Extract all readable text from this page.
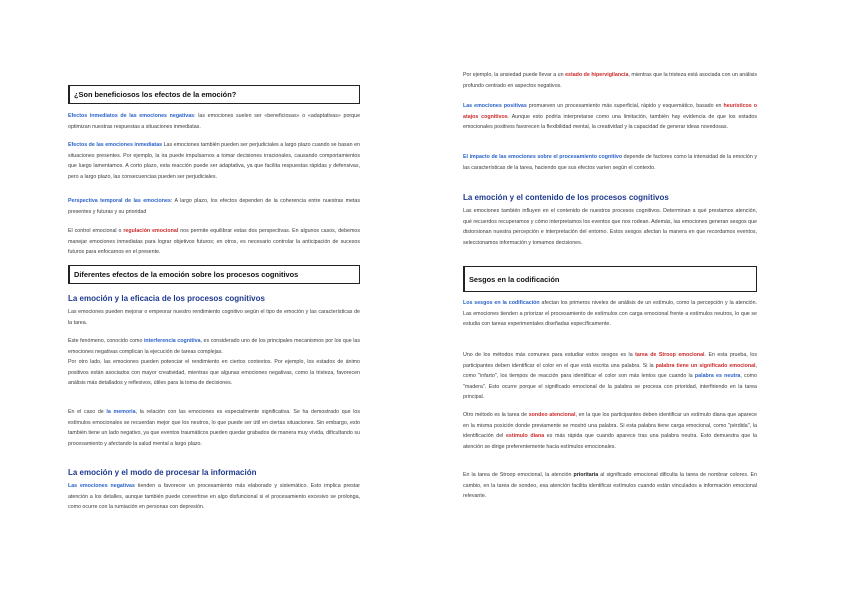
¿Son beneficiosos los efectos de la emoción?

Efectos inmediatos de las emociones negativas: las emociones suelen ser «beneficiosas» o «adaptativas» porque optimizan nuestras respuestas a situaciones inmediatas.

Efectos de las emociones inmediatas Las emociones también pueden ser perjudiciales a largo plazo cuando se basan en situaciones presentes. Por ejemplo, la ira puede impulsarnos a tomar decisiones irracionales, causando comportamientos que luego lamentamos. A corto plazo, esta reacción puede ser adaptativa, ya que facilita respuestas rápidas y defensivas, pero a largo plazo, las consecuencias pueden ser perjudiciales.

Perspectiva temporal de las emociones: A largo plazo, los efectos dependen de la coherencia entre nuestras metas presentes y futuras y su prioridad

El control emocional o regulación emocional nos permite equilibrar estas dos perspectivas. En algunos casos, debemos manejar emociones inmediatas para lograr objetivos futuros; en otros, es necesario controlar la anticipación de sucesos futuros para enfocarnos en el presente.

Diferentes efectos de la emoción sobre los procesos cognitivos
La emoción y la eficacia de los procesos cognitivos

Las emociones pueden mejorar o empeorar nuestro rendimiento cognitivo según el tipo de emoción y las características de la tarea.

Este fenómeno, conocido como interferencia cognitiva, es considerado uno de los principales mecanismos por los que las emociones negativas complican la ejecución de tareas complejas.

Por otro lado, las emociones pueden potenciar el rendimiento en ciertos contextos. Por ejemplo, los estados de ánimo positivos están asociados con mayor creatividad, mientras que algunas emociones negativas, como la tristeza, favorecen análisis más detallados y reflexivos, útiles para la toma de decisiones.

En el caso de la memoria, la relación con las emociones es especialmente significativa. Se ha demostrado que los estímulos emocionales se recuerdan mejor que los neutros, lo que puede ser útil en ciertas situaciones. Sin embargo, esto también tiene un lado negativo, ya que eventos traumáticos pueden quedar grabados de manera muy vívida, dificultando su procesamiento y afectando la salud mental a largo plazo.

La emoción y el modo de procesar la información

Las emociones negativas tienden a favorecer un procesamiento más elaborado y sistemático. Esto implica prestar atención a los detalles, aunque también puede convertirse en algo disfuncional si el procesamiento excesivo se prolonga, como ocurre con la rumiación en personas con depresión.

Por ejemplo, la ansiedad puede llevar a un estado de hipervigilancia, mientras que la tristeza está asociada con un análisis profundo centrado en aspectos negativos.

Las emociones positivas promueven un procesamiento más superficial, rápido y esquemático, basado en heurísticos o atajos cognitivos. Aunque esto podría interpretarse como una limitación, también hay evidencia de que los estados emocionales positivos favorecen la flexibilidad mental, la creatividad y la capacidad de generar ideas novedosas.

El impacto de las emociones sobre el procesamiento cognitivo depende de factores como la intensidad de la emoción y las características de la tarea, haciendo que sus efectos varíen según el contexto.

La emoción y el contenido de los procesos cognitivos

Las emociones también influyen en el contenido de nuestros procesos cognitivos. Determinan a qué prestamos atención, qué recuerdos recuperamos y cómo interpretamos los eventos que nos rodean. Además, las emociones generan sesgos que distorsionan nuestra percepción e interpretación del entorno. Estos sesgos afectan la manera en que recordamos eventos, seleccionamos información y tomamos decisiones.

Sesgos en la codificación

Los sesgos en la codificación afectan los primeros niveles de análisis de un estímulo, como la percepción y la atención. Las emociones tienden a priorizar el procesamiento de estímulos con carga emocional frente a estímulos neutros, lo que se estudia con tareas experimentales diseñadas específicamente.

Uno de los métodos más comunes para estudiar estos sesgos es la tarea de Stroop emocional. En esta prueba, los participantes deben identificar el color en el que está escrita una palabra. Si la palabra tiene un significado emocional, como "infarto", los tiempos de reacción para identificar el color son más lentos que cuando la palabra es neutra, como "madera". Esto ocurre porque el significado emocional de la palabra se procesa con prioridad, interfiriendo en la tarea principal.

Otro método es la tarea de sondeo atencional, en la que los participantes deben identificar un estímulo diana que aparece en la misma posición donde previamente se mostró una palabra. Si esta palabra tiene carga emocional, como "pérdida", la identificación del estímulo diana es más rápida que cuando aparece tras una palabra neutra. Esto demuestra que la atención se dirige preferentemente hacia estímulos emocionales.

En la tarea de Stroop emocional, la atención prioritaria al significado emocional dificulta la tarea de nombrar colores. En cambio, en la tarea de sondeo, esa atención facilita identificar estímulos cuando están vinculados a información emocional relevante.
